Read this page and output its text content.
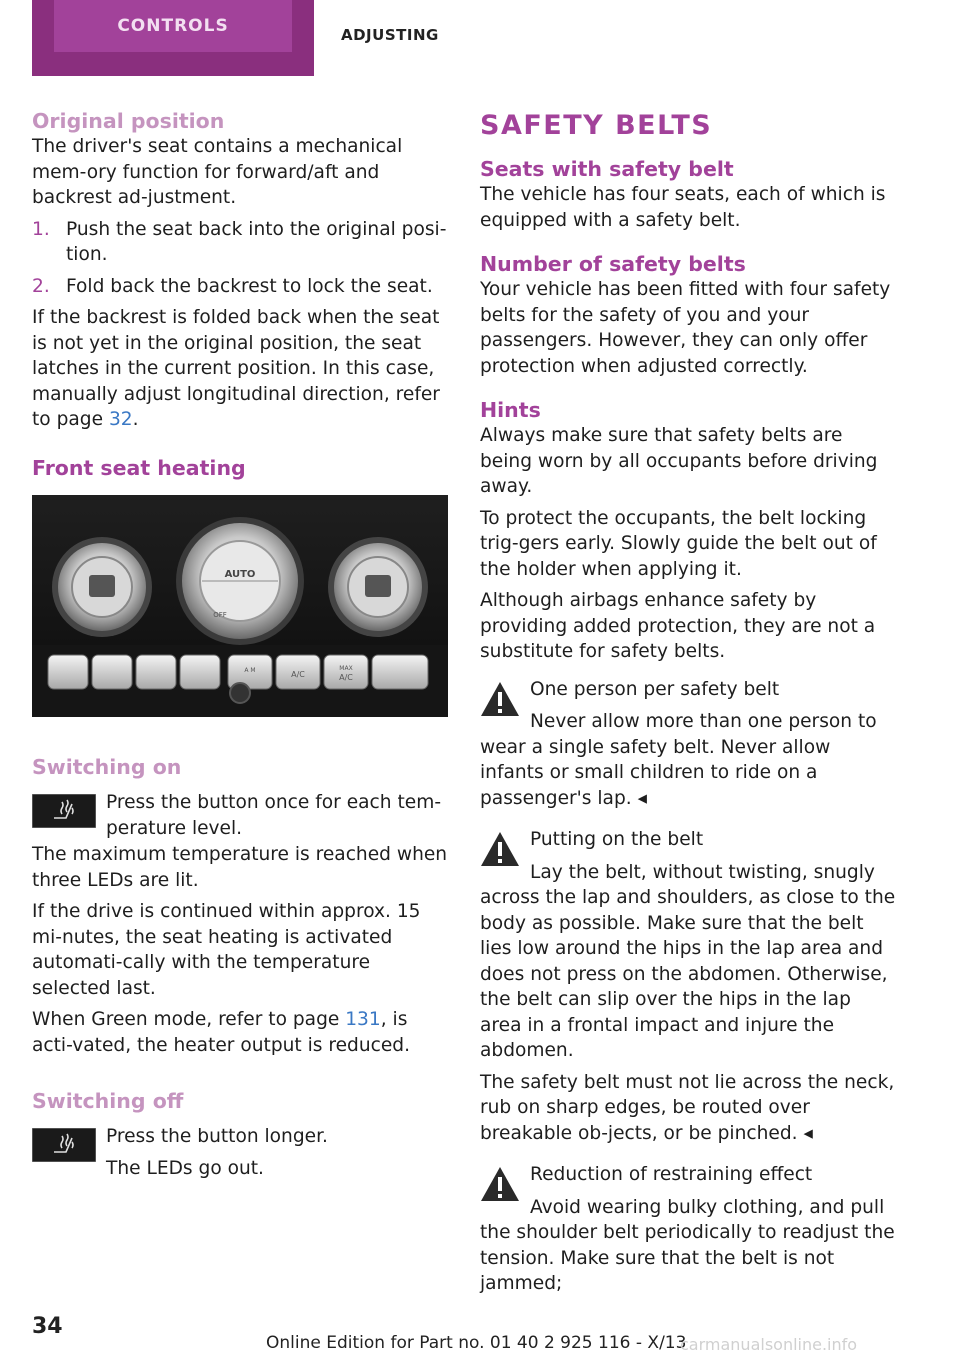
CONTROLS	ADJUSTING
Original position

The driver's seat contains a mechanical mem‐ory function for forward/aft and backrest ad‐justment.

1. Push the seat back into the original posi‐tion.
2. Fold back the backrest to lock the seat.

If the backrest is folded back when the seat is not yet in the original position, the seat latches in the current position. In this case, manually adjust longitudinal direction, refer to page 32.

Front seat heating
AUTO
OFF
A M	A/C
MAX
A/C
Switching on

Press the button once for each tem‐perature level.

The maximum temperature is reached when three LEDs are lit.

If the drive is continued within approx. 15 mi‐nutes, the seat heating is activated automati‐cally with the temperature selected last.

When Green mode, refer to page 131, is acti‐vated, the heater output is reduced.

Switching off

Press the button longer.

The LEDs go out.

SAFETY BELTS
Seats with safety belt

The vehicle has four seats, each of which is equipped with a safety belt.

Number of safety belts

Your vehicle has been fitted with four safety belts for the safety of you and your passengers. However, they can only offer protection when adjusted correctly.

Hints

Always make sure that safety belts are being worn by all occupants before driving away.

To protect the occupants, the belt locking trig‐gers early. Slowly guide the belt out of the holder when applying it.

Although airbags enhance safety by providing added protection, they are not a substitute for safety belts.

One person per safety belt

Never allow more than one person to

wear a single safety belt. Never allow infants or small children to ride on a passenger's lap. ◂

Putting on the belt

Lay the belt, without twisting, snugly

across the lap and shoulders, as close to the body as possible. Make sure that the belt lies low around the hips in the lap area and does not press on the abdomen. Otherwise, the belt can slip over the hips in the lap area in a frontal impact and injure the abdomen.

The safety belt must not lie across the neck, rub on sharp edges, be routed over breakable ob‐jects, or be pinched. ◂

Reduction of restraining effect

Avoid wearing bulky clothing, and pull

the shoulder belt periodically to readjust the tension. Make sure that the belt is not jammed;

34
Online Edition for Part no. 01 40 2 925 116 - X/13
carmanualsonline.info
